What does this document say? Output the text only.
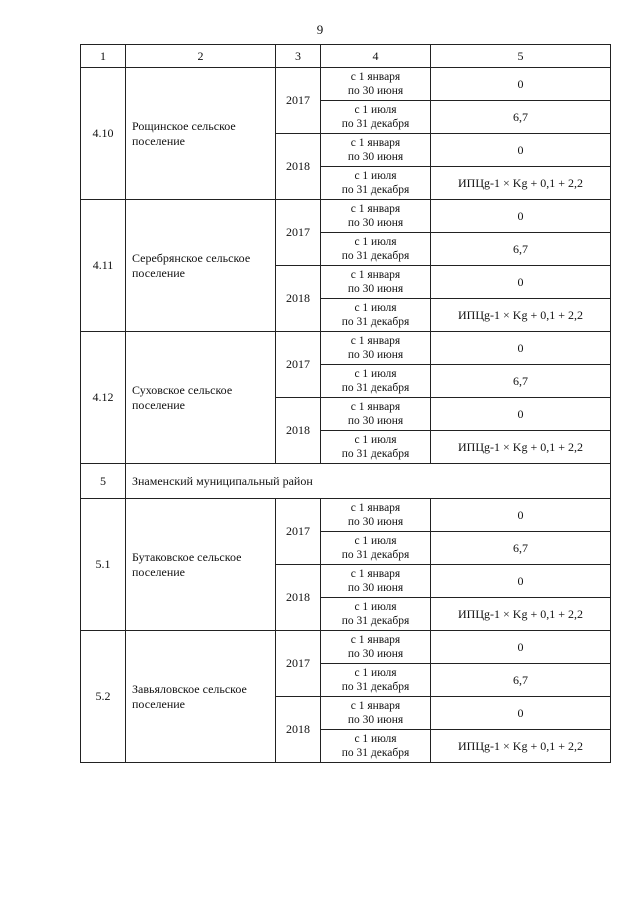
9
1	2	3	4	5
4.10	Рощинское сельское поселение	2017	с 1 января
по 30 июня	0

			с 1 июля
по 31 декабря	6,7
		2018	с 1 января
по 30 июня	0

			с 1 июля
по 31 декабря	ИПЦg-1 × Kg + 0,1 + 2,2
4.11	Серебрянское сельское поселение	2017	с 1 января
по 30 июня	0

			с 1 июля
по 31 декабря	6,7
		2018	с 1 января
по 30 июня	0

			с 1 июля
по 31 декабря	ИПЦg-1 × Kg + 0,1 + 2,2
4.12	Суховское сельское поселение	2017	с 1 января
по 30 июня	0

			с 1 июля
по 31 декабря	6,7
		2018	с 1 января
по 30 июня	0

			с 1 июля
по 31 декабря	ИПЦg-1 × Kg + 0,1 + 2,2
5	Знаменский муниципальный район			
5.1	Бутаковское сельское поселение	2017	с 1 января
по 30 июня	0

			с 1 июля
по 31 декабря	6,7
		2018	с 1 января
по 30 июня	0

			с 1 июля
по 31 декабря	ИПЦg-1 × Kg + 0,1 + 2,2
5.2	Завьяловское сельское поселение	2017	с 1 января
по 30 июня	0

			с 1 июля
по 31 декабря	6,7
		2018	с 1 января
по 30 июня	0

			с 1 июля
по 31 декабря	ИПЦg-1 × Kg + 0,1 + 2,2
